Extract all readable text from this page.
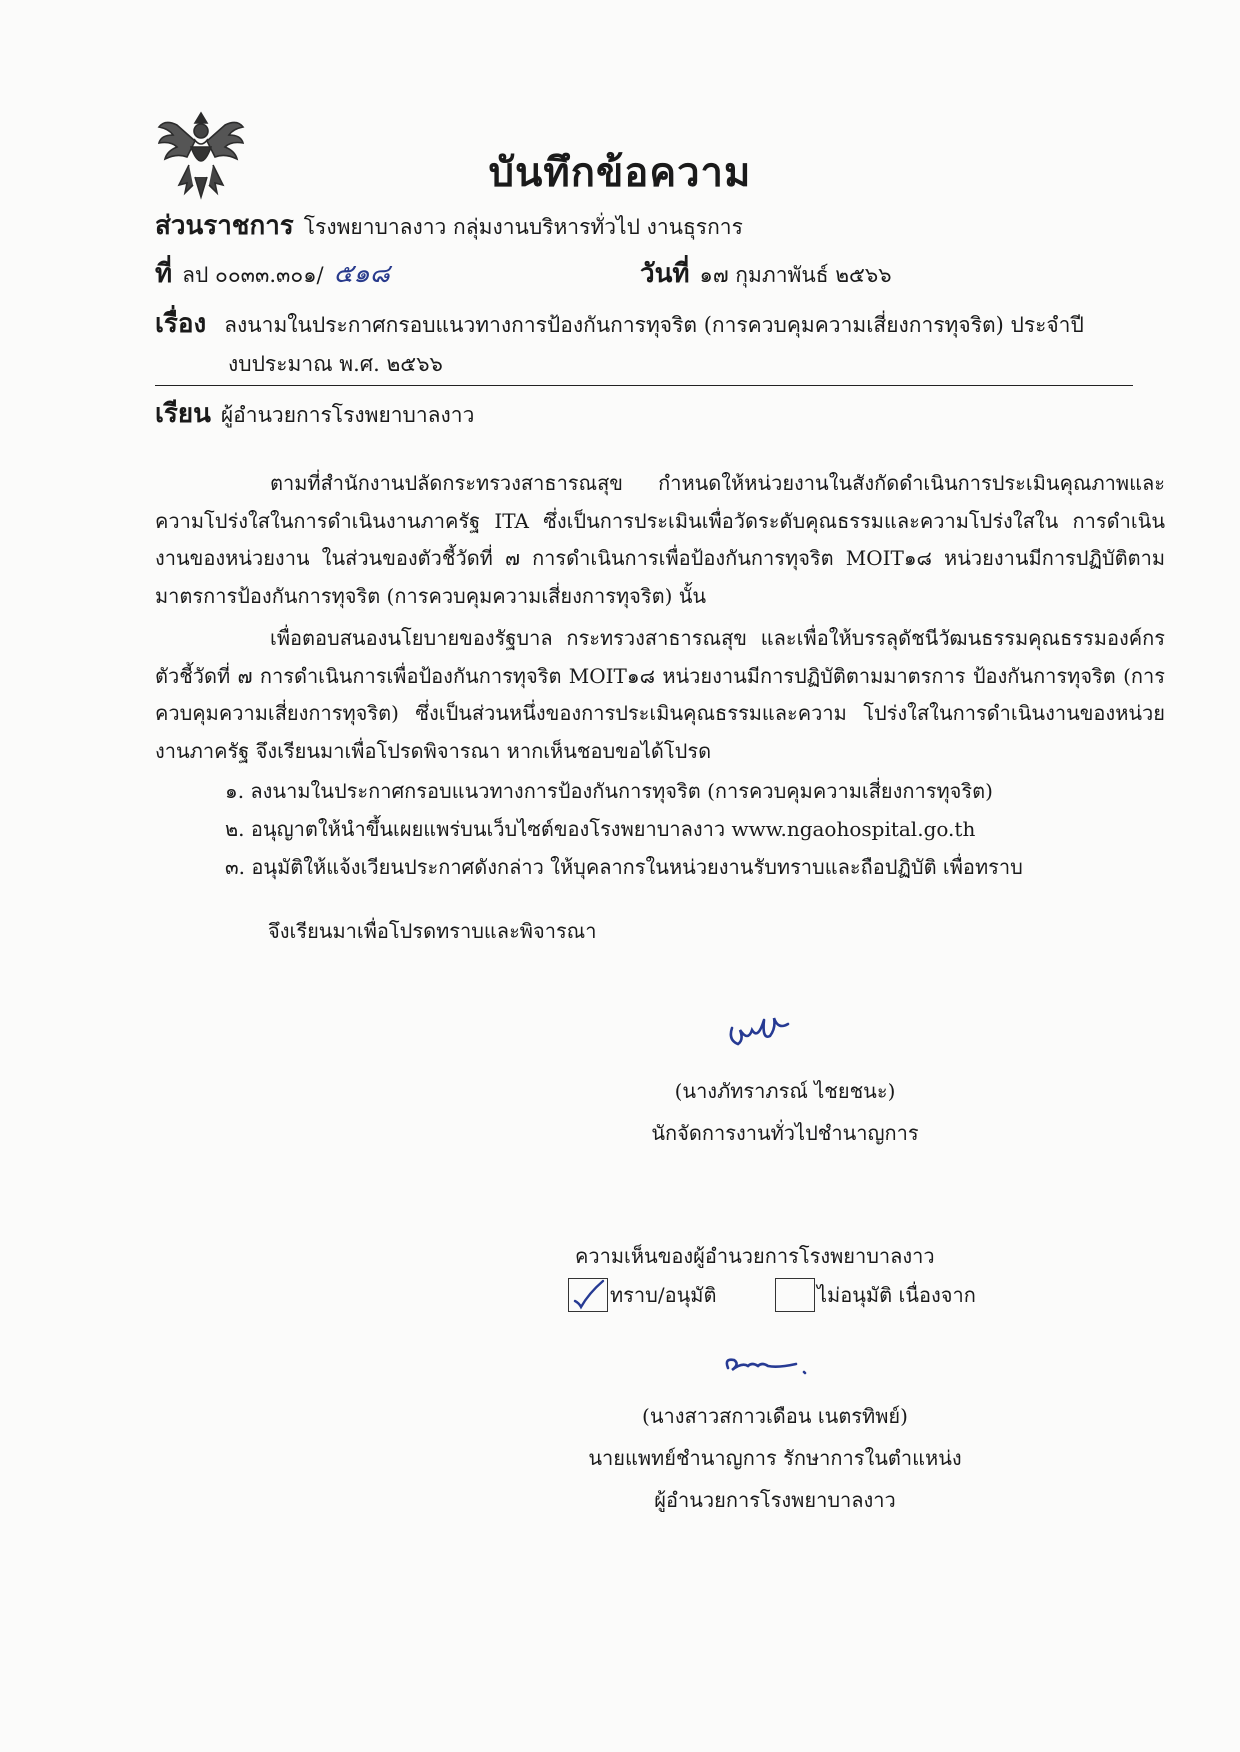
บันทึกข้อความ
ส่วนราชการ โรงพยาบาลงาว กลุ่มงานบริหารทั่วไป งานธุรการ
ที่ ลป ๐๐๓๓.๓๐๑/ ๕๑๘	วันที่ ๑๗ กุมภาพันธ์ ๒๕๖๖
เรื่อง ลงนามในประกาศกรอบแนวทางการป้องกันการทุจริต (การควบคุมความเสี่ยงการทุจริต) ประจำปี
งบประมาณ พ.ศ. ๒๕๖๖
เรียน ผู้อำนวยการโรงพยาบาลงาว
ตามที่สำนักงานปลัดกระทรวงสาธารณสุข กำหนดให้หน่วยงานในสังกัดดำเนินการประเมินคุณภาพและความโปร่งใสในการดำเนินงานภาครัฐ ITA ซึ่งเป็นการประเมินเพื่อวัดระดับคุณธรรมและความโปร่งใสใน การดำเนินงานของหน่วยงาน ในส่วนของตัวชี้วัดที่ ๗ การดำเนินการเพื่อป้องกันการทุจริต MOIT๑๘ หน่วยงานมีการปฏิบัติตามมาตรการป้องกันการทุจริต (การควบคุมความเสี่ยงการทุจริต) นั้น
เพื่อตอบสนองนโยบายของรัฐบาล กระทรวงสาธารณสุข และเพื่อให้บรรลุดัชนีวัฒนธรรมคุณธรรมองค์กร ตัวชี้วัดที่ ๗ การดำเนินการเพื่อป้องกันการทุจริต MOIT๑๘ หน่วยงานมีการปฏิบัติตามมาตรการ ป้องกันการทุจริต (การควบคุมความเสี่ยงการทุจริต) ซึ่งเป็นส่วนหนึ่งของการประเมินคุณธรรมและความ โปร่งใสในการดำเนินงานของหน่วยงานภาครัฐ จึงเรียนมาเพื่อโปรดพิจารณา หากเห็นชอบขอได้โปรด
๑. ลงนามในประกาศกรอบแนวทางการป้องกันการทุจริต (การควบคุมความเสี่ยงการทุจริต)
๒. อนุญาตให้นำขึ้นเผยแพร่บนเว็บไซต์ของโรงพยาบาลงาว www.ngaohospital.go.th
๓. อนุมัติให้แจ้งเวียนประกาศดังกล่าว ให้บุคลากรในหน่วยงานรับทราบและถือปฏิบัติ เพื่อทราบ
จึงเรียนมาเพื่อโปรดทราบและพิจารณา
(นางภัทราภรณ์ ไชยชนะ)
นักจัดการงานทั่วไปชำนาญการ
ความเห็นของผู้อำนวยการโรงพยาบาลงาว
ทราบ/อนุมัติ	ไม่อนุมัติ เนื่องจาก
(นางสาวสกาวเดือน เนตรทิพย์)
นายแพทย์ชำนาญการ รักษาการในตำแหน่ง
ผู้อำนวยการโรงพยาบาลงาว
